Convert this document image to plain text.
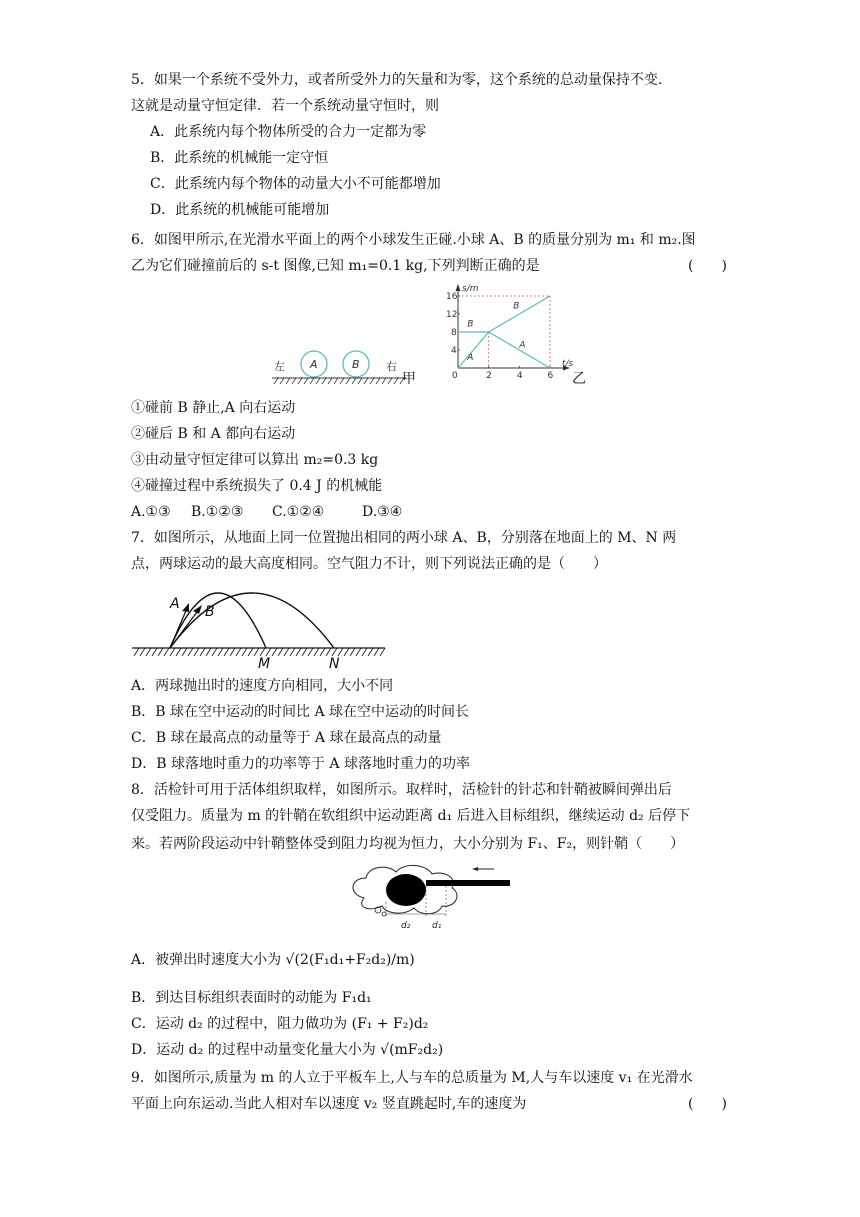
5．如果一个系统不受外力，或者所受外力的矢量和为零，这个系统的总动量保持不变.
这就是动量守恒定律．若一个系统动量守恒时，则
A．此系统内每个物体所受的合力一定都为零
B．此系统的机械能一定守恒
C．此系统内每个物体的动量大小不可能都增加
D．此系统的机械能可能增加
6．如图甲所示,在光滑水平面上的两个小球发生正碰.小球 A、B 的质量分别为 m₁ 和 m₂.图
乙为它们碰撞前后的 s-t 图像,已知 m₁=0.1 kg,下列判断正确的是	(　　)
左 A	B 右
甲
s/m
t/s
0	2	4	6
4
8
12
16
A
B
B
A
乙
①碰前 B 静止,A 向右运动
②碰后 B 和 A 都向右运动
③由动量守恒定律可以算出 m₂=0.3 kg
④碰撞过程中系统损失了 0.4 J 的机械能
A.①③ B.①②③ C.①②④	D.③④
7．如图所示，从地面上同一位置抛出相同的两小球 A、B，分别落在地面上的 M、N 两
点，两球运动的最大高度相同。空气阻力不计，则下列说法正确的是（　　）
A B
M	N
A．两球抛出时的速度方向相同，大小不同
B．B 球在空中运动的时间比 A 球在空中运动的时间长
C．B 球在最高点的动量等于 A 球在最高点的动量
D．B 球落地时重力的功率等于 A 球落地时重力的功率
8．活检针可用于活体组织取样，如图所示。取样时，活检针的针芯和针鞘被瞬间弹出后
仅受阻力。质量为 m 的针鞘在软组织中运动距离 d₁ 后进入目标组织，继续运动 d₂ 后停下
来。若两阶段运动中针鞘整体受到阻力均视为恒力，大小分别为 F₁、F₂，则针鞘（　　）
d₂ d₁
A．被弹出时速度大小为 √(2(F₁d₁+F₂d₂)/m)
B．到达目标组织表面时的动能为 F₁d₁
C．运动 d₂ 的过程中，阻力做功为 (F₁ + F₂)d₂
D．运动 d₂ 的过程中动量变化量大小为 √(mF₂d₂)
9．如图所示,质量为 m 的人立于平板车上,人与车的总质量为 M,人与车以速度 v₁ 在光滑水
平面上向东运动.当此人相对车以速度 v₂ 竖直跳起时,车的速度为	(　　)
